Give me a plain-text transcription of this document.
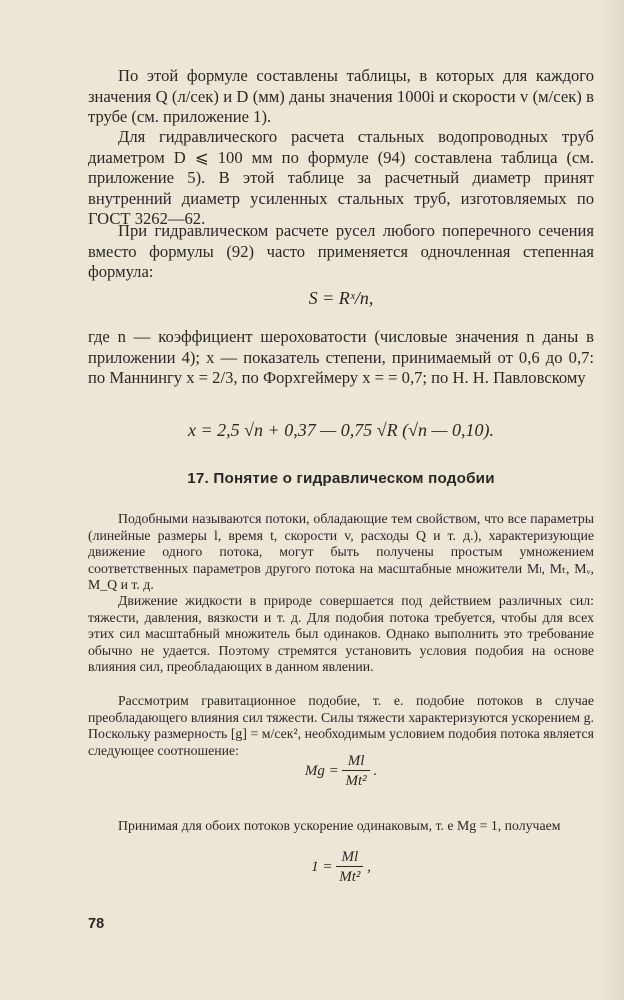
По этой формуле составлены таблицы, в которых для каждого значения Q (л/сек) и D (мм) даны значения 1000i и скорости v (м/сек) в трубе (см. приложение 1).

Для гидравлического расчета стальных водопроводных труб диаметром D ⩽ 100 мм по формуле (94) составлена таблица (см. приложение 5). В этой таблице за расчетный диаметр принят внутренний диаметр усиленных стальных труб, изготовляемых по ГОСТ 3262—62.

При гидравлическом расчете русел любого поперечного сечения вместо формулы (92) часто применяется одночленная степенная формула:

S = Rˣ/n,

где n — коэффициент шероховатости (числовые значения n даны в приложении 4); x — показатель степени, принимаемый от 0,6 до 0,7: по Маннингу x = 2/3, по Форхгеймеру x = = 0,7; по Н. Н. Павловскому

x = 2,5 √n + 0,37 — 0,75 √R (√n — 0,10).
17. Понятие о гидравлическом подобии

Подобными называются потоки, обладающие тем свойством, что все параметры (линейные размеры l, время t, скорости v, расходы Q и т. д.), характеризующие движение одного потока, могут быть получены простым умножением соответственных параметров другого потока на масштабные множители Mₗ, Mₜ, Mᵥ, M_Q и т. д.

Движение жидкости в природе совершается под действием различных сил: тяжести, давления, вязкости и т. д. Для подобия потока требуется, чтобы для всех этих сил масштабный множитель был одинаков. Однако выполнить это требование обычно не удается. Поэтому стремятся установить условия подобия на основе влияния сил, преобладающих в данном явлении.

Рассмотрим гравитационное подобие, т. е. подобие потоков в случае преобладающего влияния сил тяжести. Силы тяжести характеризуются ускорением g. Поскольку размерность [g] = м/сек², необходимым условием подобия потока является следующее соотношение:

$Mg = \frac{Ml}{\text{Mt²}}$ .

Принимая для обоих потоков ускорение одинаковым, т. е Mg = 1, получаем

$1 = \frac{Ml}{\text{Mt²}}$ ,
78
